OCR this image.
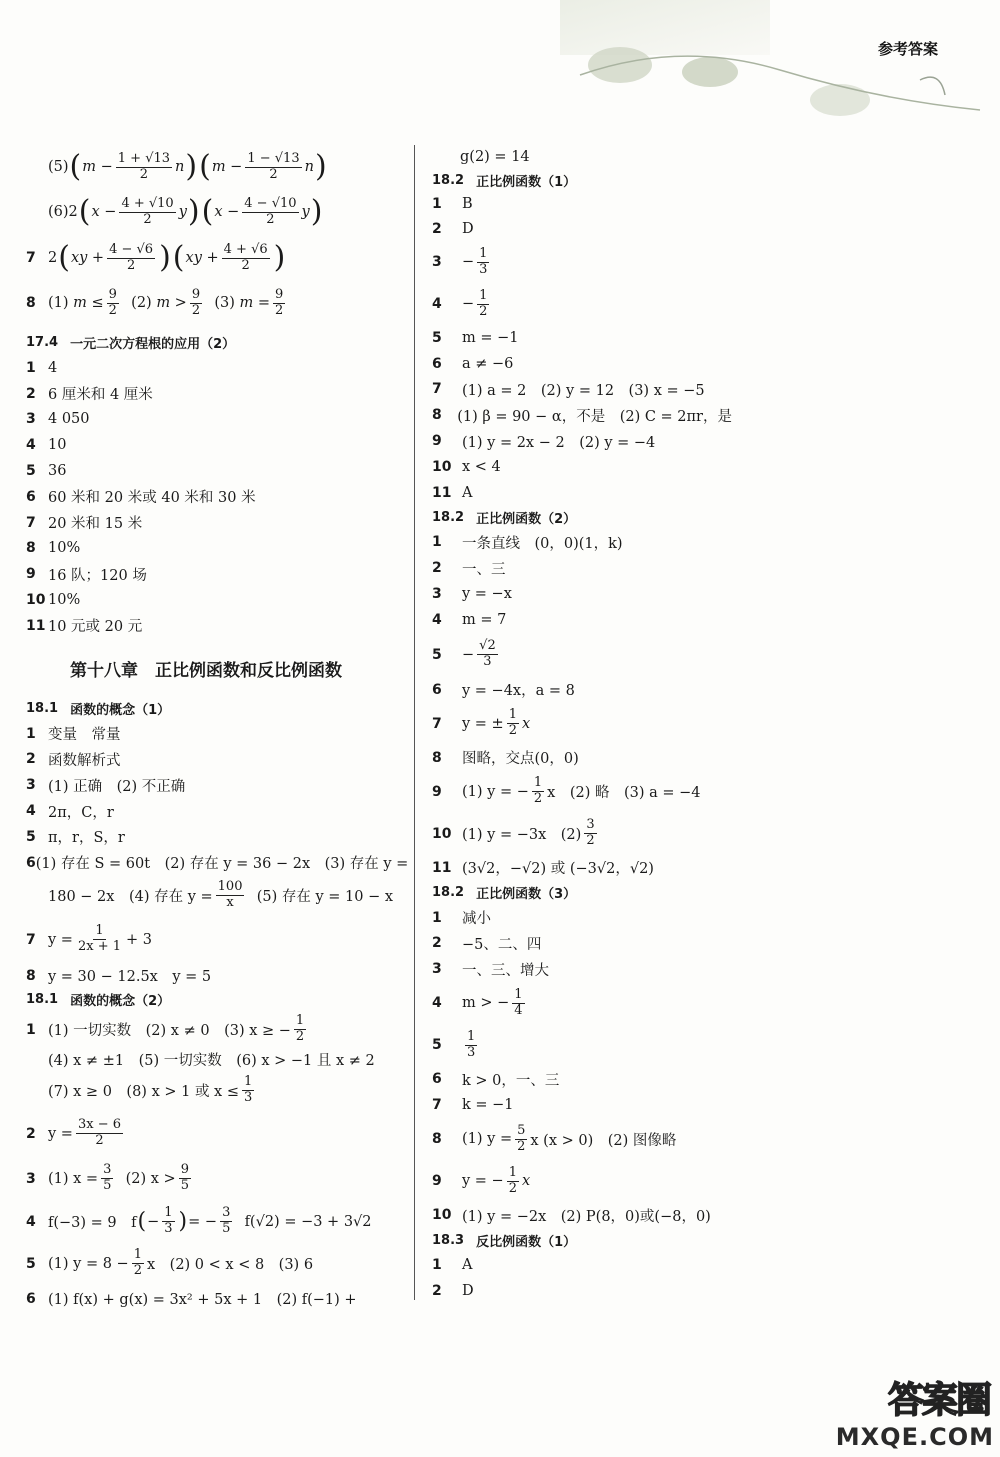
参考答案
(5) ( $m - \frac{1 + √13}{2}$ n ) ( $m - \frac{1 - √13}{2}$ n )
(6) 2 ( $x - \frac{4 + √10}{2}$ y ) ( $x - \frac{4 - √10}{2}$ y )
7 2 ( xy + $\frac{4 - √6}{2}$ ) ( xy + $\frac{4 + √6}{2}$ )
8 (1)
$m \le \frac{9}{2}$
(2)
$m > \frac{9}{2}$
(3)
$m = \frac{9}{2}$
17.4 一元二次方程根的应用（2）
1 4
2 6 厘米和 4 厘米
3 4 050
4 10
5 36
6 60 米和 20 米或 40 米和 30 米
7 20 米和 15 米
8 10%
9 16 队；120 场
10 10%
11 10 元或 20 元
第十八章　正比例函数和反比例函数
18.1 函数的概念（1）
1 变量　常量
2 函数解析式
3 (1) 正确　(2) 不正确
4 2π，C，r
5 π，r，S，r
6 (1) 存在 S = 60t　(2) 存在 y = 36 − 2x　(3) 存在 y =
180 − 2x　(4) 存在 $y = \frac{100}{x}$
(5) 存在 y = 10 − x
7 $y = \frac{1}{2x + 1} + 3$
8 y = 30 − 12.5x　y = 5
18.1 函数的概念（2）
1 (1) 一切实数　(2) x ≠ 0　(3) x ≥ − $\frac{1}{2}$
(4) x ≠ ±1　(5) 一切实数　(6) x > −1 且 x ≠ 2
(7) x ≥ 0　(8) x > 1 或 $x \le \frac{1}{3}$
2 $y = \frac{3x - 6}{2}$
3 (1) $x = \frac{3}{5}$
(2) $x > \frac{9}{5}$
4 f(−3) = 9　f ( − $\frac{1}{3}$ ) = − $\frac{3}{5}$
f(√2) = −3 + 3√2
5 (1) $y = 8 - \frac{1}{2}$ x　(2) 0 < x < 8　(3) 6
6 (1) f(x) + g(x) = 3x² + 5x + 1　(2) f(−1) +
g(2) = 14
18.2 正比例函数（1）
1	B
2	D
3	− $\frac{1}{3}$
4	− $\frac{1}{2}$
5	m = −1
6	a ≠ −6
7	(1) a = 2　(2) y = 12　(3) x = −5
8	(1) β = 90 − α，不是　(2) C = 2πr，是
9	(1) y = 2x − 2　(2) y = −4
10 x < 4
11 A
18.2 正比例函数（2）
1	一条直线　(0，0)(1，k)
2	一、三
3	y = −x
4	m = 7
5	− $\frac{√2}{3}$
6	y = −4x，a = 8
7	y = ± $\frac{1}{2}$ x
8	图略，交点(0，0)
9	(1) y = − $\frac{1}{2}$ x　(2) 略　(3) a = −4
10 (1) y = −3x　$(2) \frac{3}{2}$
11 (3√2，−√2) 或 (−3√2，√2)
18.2 正比例函数（3）
1	减小
2	−5、二、四
3	一、三、增大
4	m > − $\frac{1}{4}$
5	$\frac{1}{3}$
6	k > 0，一、三
7	k = −1
8	(1) $y = \frac{5}{2}$ x (x > 0)　(2) 图像略
9	y = − $\frac{1}{2}$ x
10 (1) y = −2x　(2) P(8，0)或(−8，0)
18.3 反比例函数（1）
1	A
2	D
答案圈
MXQE.COM
